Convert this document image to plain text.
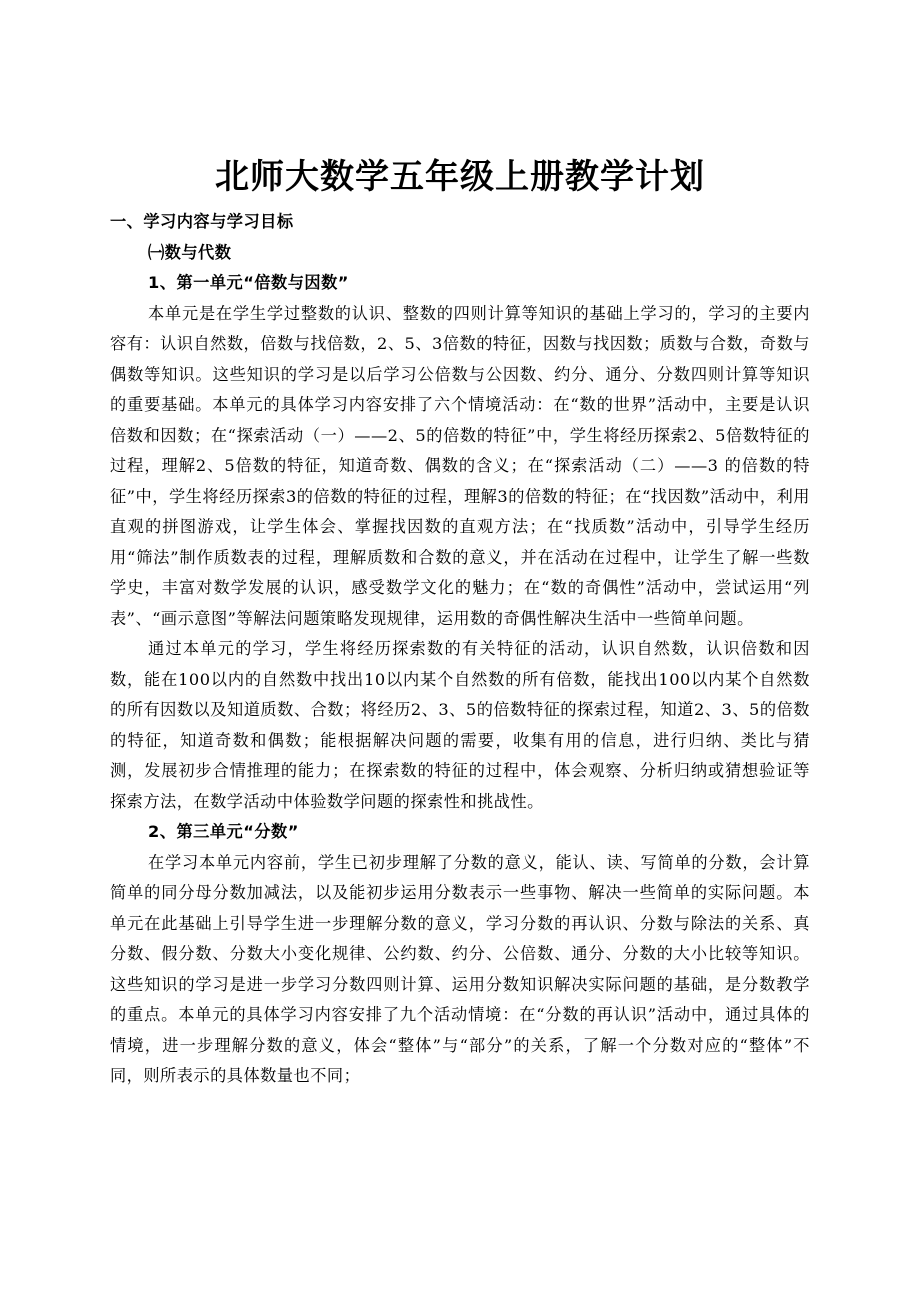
北师大数学五年级上册教学计划

一、学习内容与学习目标

㈠数与代数

1、第一单元“倍数与因数”

本单元是在学生学过整数的认识、整数的四则计算等知识的基础上学习的，学习的主要内容有：认识自然数，倍数与找倍数，2、5、3倍数的特征，因数与找因数；质数与合数，奇数与偶数等知识。这些知识的学习是以后学习公倍数与公因数、约分、通分、分数四则计算等知识的重要基础。本单元的具体学习内容安排了六个情境活动：在“数的世界”活动中，主要是认识倍数和因数；在“探索活动（一）——2、5的倍数的特征”中，学生将经历探索2、5倍数特征的过程，理解2、5倍数的特征，知道奇数、偶数的含义；在“探索活动（二）——3 的倍数的特征”中，学生将经历探索3的倍数的特征的过程，理解3的倍数的特征；在“找因数”活动中，利用直观的拼图游戏，让学生体会、掌握找因数的直观方法；在“找质数”活动中，引导学生经历用“筛法”制作质数表的过程，理解质数和合数的意义，并在活动在过程中，让学生了解一些数学史，丰富对数学发展的认识，感受数学文化的魅力；在“数的奇偶性”活动中，尝试运用“列表”、“画示意图”等解法问题策略发现规律，运用数的奇偶性解决生活中一些简单问题。

通过本单元的学习，学生将经历探索数的有关特征的活动，认识自然数，认识倍数和因数，能在100以内的自然数中找出10以内某个自然数的所有倍数，能找出100以内某个自然数的所有因数以及知道质数、合数；将经历2、3、5的倍数特征的探索过程，知道2、3、5的倍数的特征，知道奇数和偶数；能根据解决问题的需要，收集有用的信息，进行归纳、类比与猜测，发展初步合情推理的能力；在探索数的特征的过程中，体会观察、分析归纳或猜想验证等探索方法，在数学活动中体验数学问题的探索性和挑战性。

2、第三单元“分数”

在学习本单元内容前，学生已初步理解了分数的意义，能认、读、写简单的分数，会计算简单的同分母分数加减法，以及能初步运用分数表示一些事物、解决一些简单的实际问题。本单元在此基础上引导学生进一步理解分数的意义，学习分数的再认识、分数与除法的关系、真分数、假分数、分数大小变化规律、公约数、约分、公倍数、通分、分数的大小比较等知识。这些知识的学习是进一步学习分数四则计算、运用分数知识解决实际问题的基础，是分数教学的重点。本单元的具体学习内容安排了九个活动情境：在“分数的再认识”活动中，通过具体的情境，进一步理解分数的意义，体会“整体”与“部分”的关系，了解一个分数对应的“整体”不同，则所表示的具体数量也不同；
